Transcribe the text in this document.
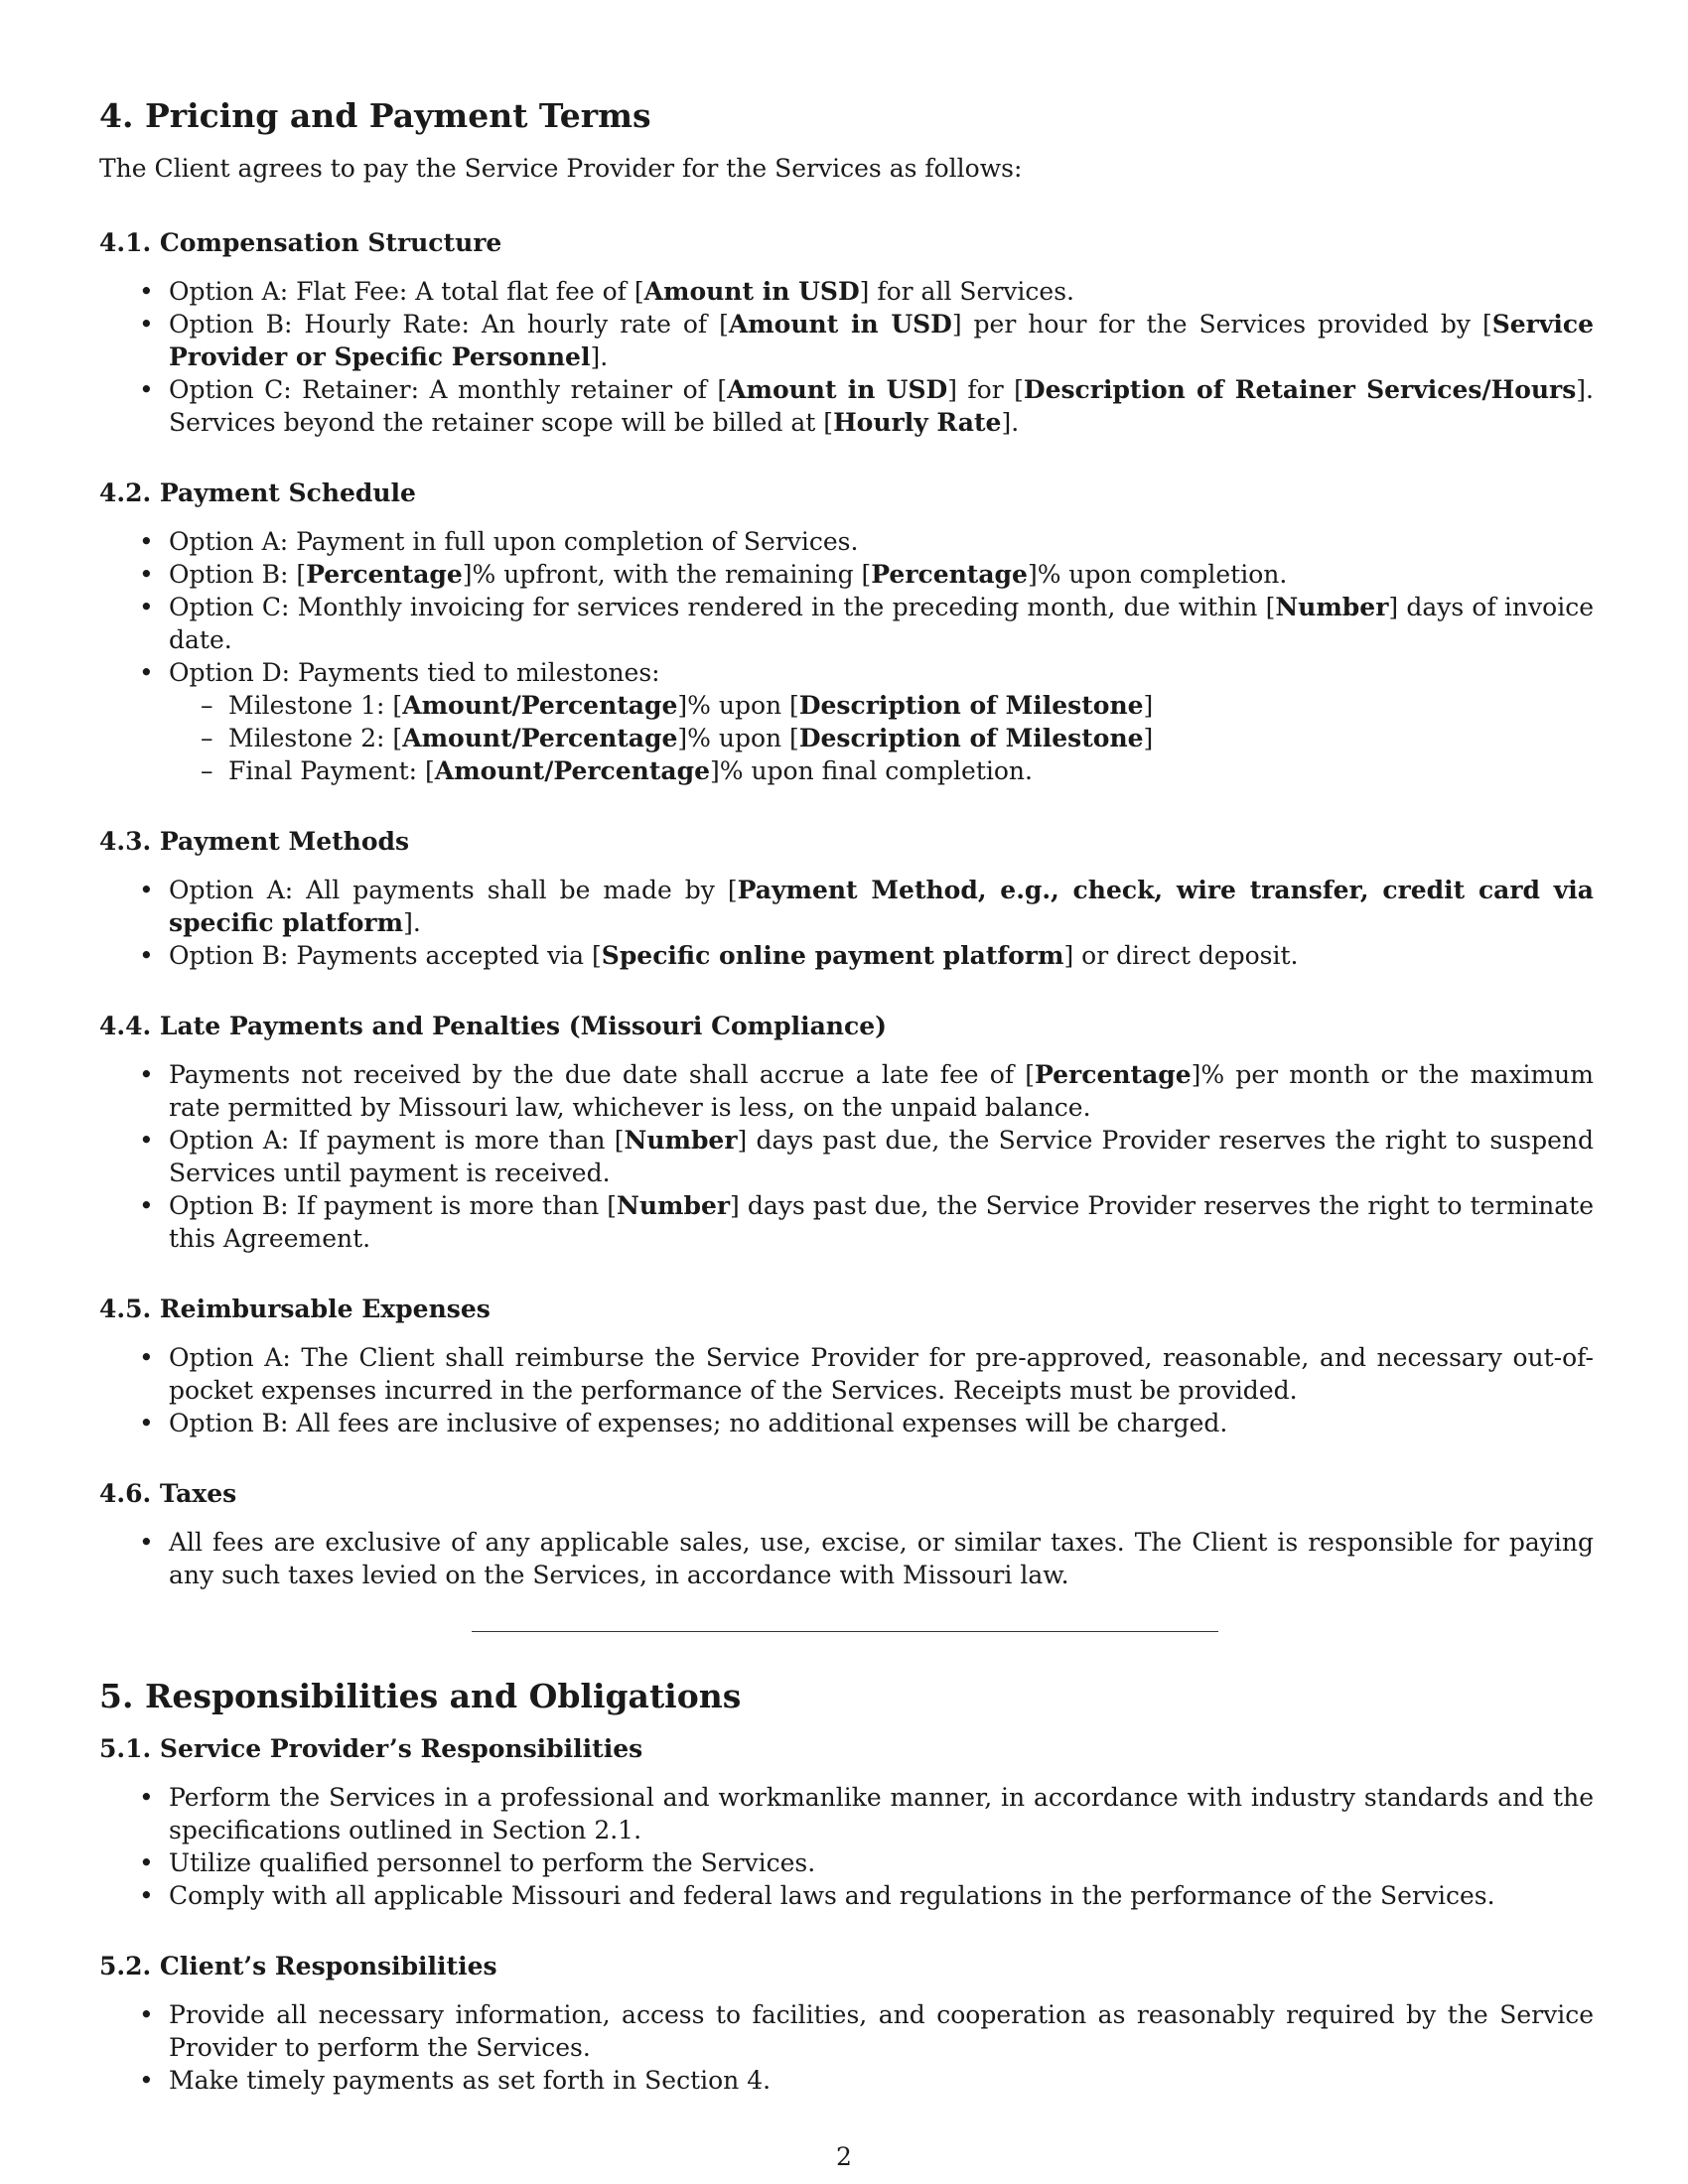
4. Pricing and Payment Terms

The Client agrees to pay the Service Provider for the Services as follows:

4.1. Compensation Structure
• Option A: Flat Fee: A total flat fee of [Amount in USD] for all Services.
• Option B: Hourly Rate: An hourly rate of [Amount in USD] per hour for the Services provided by [Service Provider or Specific Personnel].
• Option C: Retainer: A monthly retainer of [Amount in USD] for [Description of Retainer Services/Hours]. Services beyond the retainer scope will be billed at [Hourly Rate].
4.2. Payment Schedule
• Option A: Payment in full upon completion of Services.
• Option B: [Percentage]% upfront, with the remaining [Percentage]% upon completion.
• Option C: Monthly invoicing for services rendered in the preceding month, due within [Number] days of invoice date.
• Option D: Payments tied to milestones:
– Milestone 1: [Amount/Percentage]% upon [Description of Milestone]
– Milestone 2: [Amount/Percentage]% upon [Description of Milestone]
– Final Payment: [Amount/Percentage]% upon final completion.
4.3. Payment Methods
• Option A: All payments shall be made by [Payment Method, e.g., check, wire transfer, credit card via specific platform].
• Option B: Payments accepted via [Specific online payment platform] or direct deposit.
4.4. Late Payments and Penalties (Missouri Compliance)
• Payments not received by the due date shall accrue a late fee of [Percentage]% per month or the maximum rate permitted by Missouri law, whichever is less, on the unpaid balance.
• Option A: If payment is more than [Number] days past due, the Service Provider reserves the right to suspend Services until payment is received.
• Option B: If payment is more than [Number] days past due, the Service Provider reserves the right to terminate this Agreement.
4.5. Reimbursable Expenses
• Option A: The Client shall reimburse the Service Provider for pre-approved, reasonable, and necessary out-of-pocket expenses incurred in the performance of the Services. Receipts must be provided.
• Option B: All fees are inclusive of expenses; no additional expenses will be charged.
4.6. Taxes
• All fees are exclusive of any applicable sales, use, excise, or similar taxes. The Client is responsible for paying any such taxes levied on the Services, in accordance with Missouri law.
5. Responsibilities and Obligations
5.1. Service Provider’s Responsibilities
• Perform the Services in a professional and workmanlike manner, in accordance with industry standards and the specifications outlined in Section 2.1.
• Utilize qualified personnel to perform the Services.
• Comply with all applicable Missouri and federal laws and regulations in the performance of the Services.
5.2. Client’s Responsibilities
• Provide all necessary information, access to facilities, and cooperation as reasonably required by the Service Provider to perform the Services.
• Make timely payments as set forth in Section 4.
2
